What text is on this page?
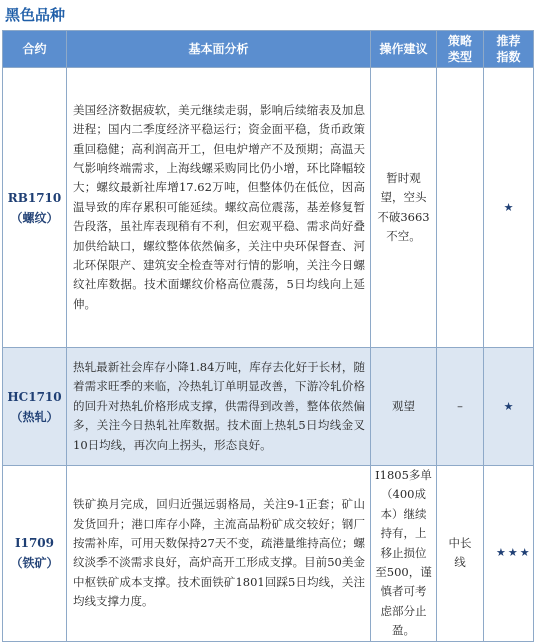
黑色品种
合约	基本面分析	操作建议	策略类型	推荐指数

RB1710
（螺纹）	美国经济数据疲软，美元继续走弱，影响后续缩表及加息进程；国内二季度经济平稳运行；资金面平稳，货币政策重回稳健；高利润高开工，但电炉增产不及预期；高温天气影响终端需求，上海线螺采购同比仍小增，环比降幅较大；螺纹最新社库增17.62万吨，但整体仍在低位，因高温导致的库存累积可能延续。螺纹高位震荡，基差修复暂告段落，虽社库表现稍有不利，但宏观平稳、需求尚好叠加供给缺口，螺纹整体依然偏多，关注中央环保督查、河北环保限产、建筑安全检查等对行情的影响，关注今日螺纹社库数据。技术面螺纹价格高位震荡，5日均线向上延伸。	暂时观望，空头不破3663不空。		★

HC1710
（热轧）	热轧最新社会库存小降1.84万吨，库存去化好于长材，随着需求旺季的来临，冷热轧订单明显改善，下游冷轧价格的回升对热轧价格形成支撑，供需得到改善，整体依然偏多，关注今日热轧社库数据。技术面上热轧5日均线金叉10日均线，再次向上拐头，形态良好。	观望	–	★

I1709
（铁矿）	铁矿换月完成，回归近强远弱格局，关注9-1正套；矿山发货回升；港口库存小降，主流高品粉矿成交较好；钢厂按需补库，可用天数保持27天不变，疏港量维持高位；螺纹淡季不淡需求良好，高炉高开工形成支撑。目前50美金中枢铁矿成本支撑。技术面铁矿1801回踩5日均线，关注均线支撑力度。	I1805多单（400成本）继续持有，上移止损位至500，谨慎者可考虑部分止盈。	中长线	★★★
